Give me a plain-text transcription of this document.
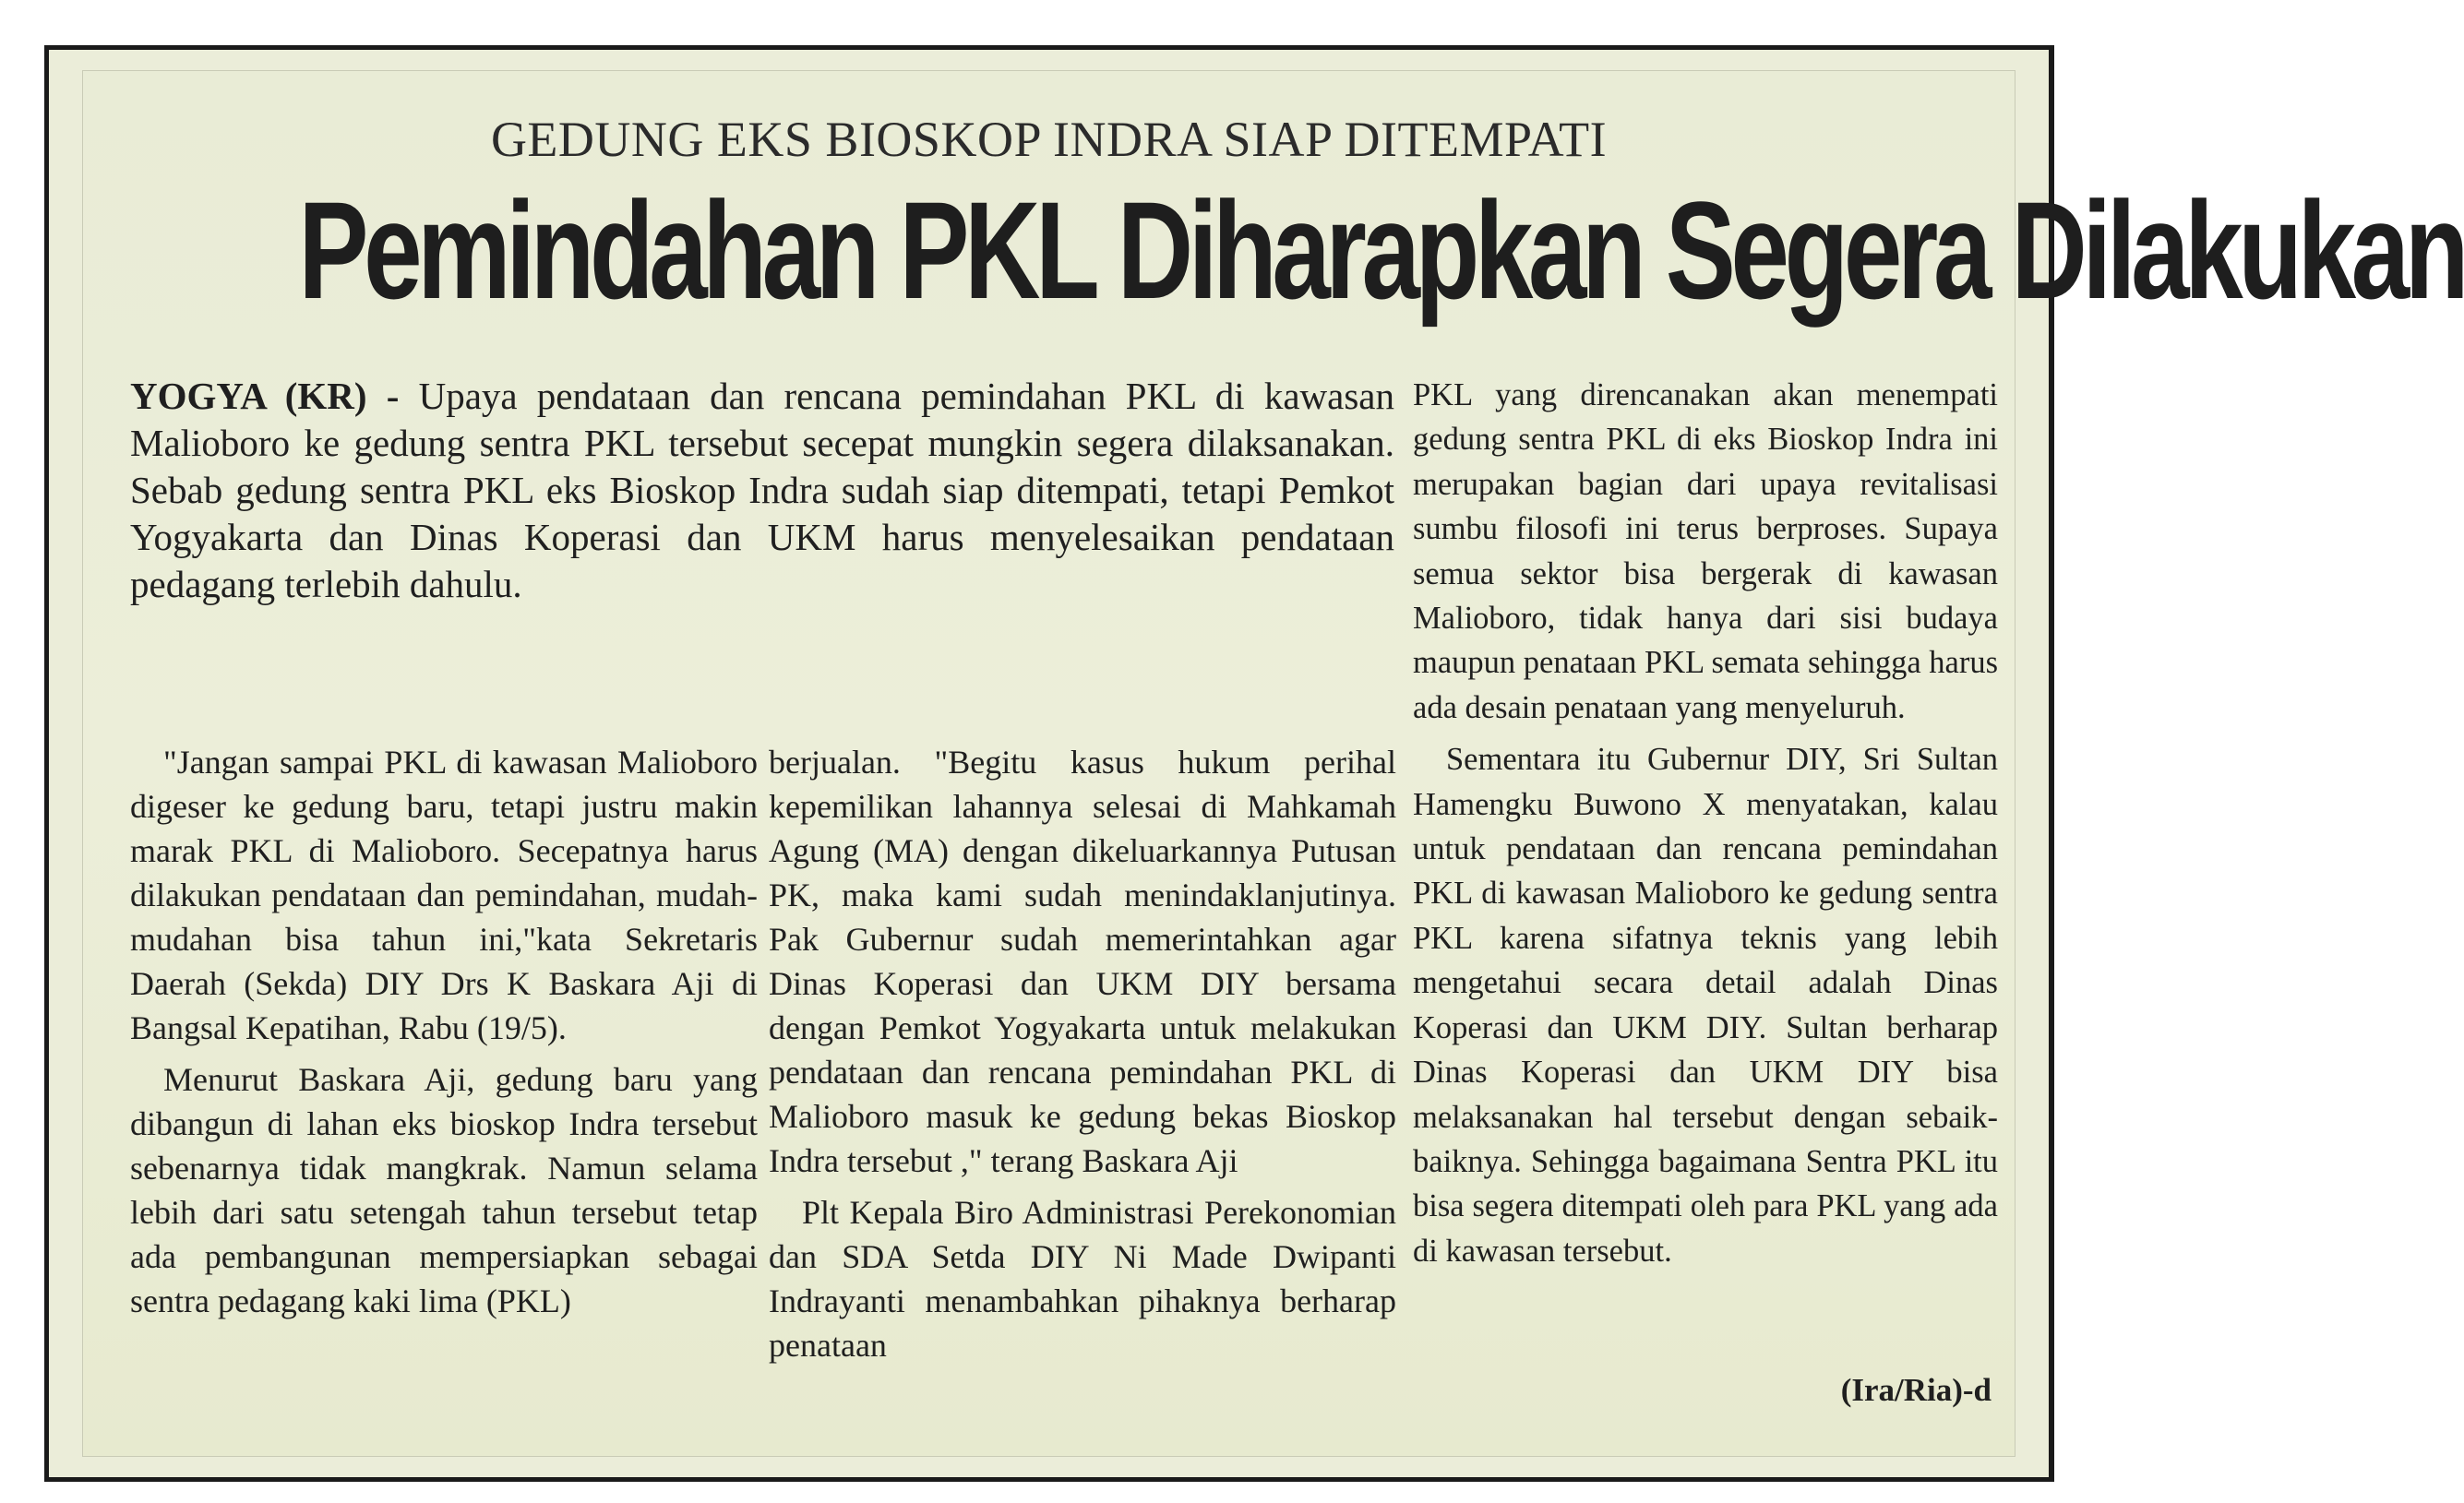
GEDUNG EKS BIOSKOP INDRA SIAP DITEMPATI
Pemindahan PKL Diharapkan Segera Dilakukan

YOGYA (KR) - Upaya pendataan dan rencana pemindahan PKL di kawasan Malioboro ke gedung sentra PKL tersebut secepat mungkin segera dilaksanakan. Sebab gedung sentra PKL eks Bioskop Indra sudah siap ditempati, tetapi Pemkot Yogyakarta dan Dinas Koperasi dan UKM harus menyelesaikan pendataan pedagang terlebih dahulu.

"Jangan sampai PKL di kawasan Malioboro digeser ke gedung baru, tetapi justru makin marak PKL di Malioboro. Secepatnya harus dilakukan pendataan dan pemindahan, mudah-mudahan bisa tahun ini,"kata Sekretaris Daerah (Sekda) DIY Drs K Baskara Aji di Bangsal Kepatihan, Rabu (19/5).

Menurut Baskara Aji, gedung baru yang dibangun di lahan eks bioskop Indra tersebut sebenarnya tidak mangkrak. Namun selama lebih dari satu setengah tahun tersebut tetap ada pembangunan mempersiapkan sebagai sentra pedagang kaki lima (PKL)

berjualan. "Begitu kasus hukum perihal kepemilikan lahannya selesai di Mahkamah Agung (MA) dengan dikeluarkannya Putusan PK, maka kami sudah menindaklanjutinya. Pak Gubernur sudah memerintahkan agar Dinas Koperasi dan UKM DIY bersama dengan Pemkot Yogyakarta untuk melakukan pendataan dan rencana pemindahan PKL di Malioboro masuk ke gedung bekas Bioskop Indra tersebut ," terang Baskara Aji

Plt Kepala Biro Administrasi Perekonomian dan SDA Setda DIY Ni Made Dwipanti Indrayanti menambahkan pihaknya berharap penataan

PKL yang direncanakan akan menempati gedung sentra PKL di eks Bioskop Indra ini merupakan bagian dari upaya revitalisasi sumbu filosofi ini terus berproses. Supaya semua sektor bisa bergerak di kawasan Malioboro, tidak hanya dari sisi budaya maupun penataan PKL semata sehingga harus ada desain penataan yang menyeluruh.

Sementara itu Gubernur DIY, Sri Sultan Hamengku Buwono X menyatakan, kalau untuk pendataan dan rencana pemindahan PKL di kawasan Malioboro ke gedung sentra PKL karena sifatnya teknis yang lebih mengetahui secara detail adalah Dinas Koperasi dan UKM DIY. Sultan berharap Dinas Koperasi dan UKM DIY bisa melaksanakan hal tersebut dengan sebaik-baiknya. Sehingga bagaimana Sentra PKL itu bisa segera ditempati oleh para PKL yang ada di kawasan tersebut.

(Ira/Ria)-d
